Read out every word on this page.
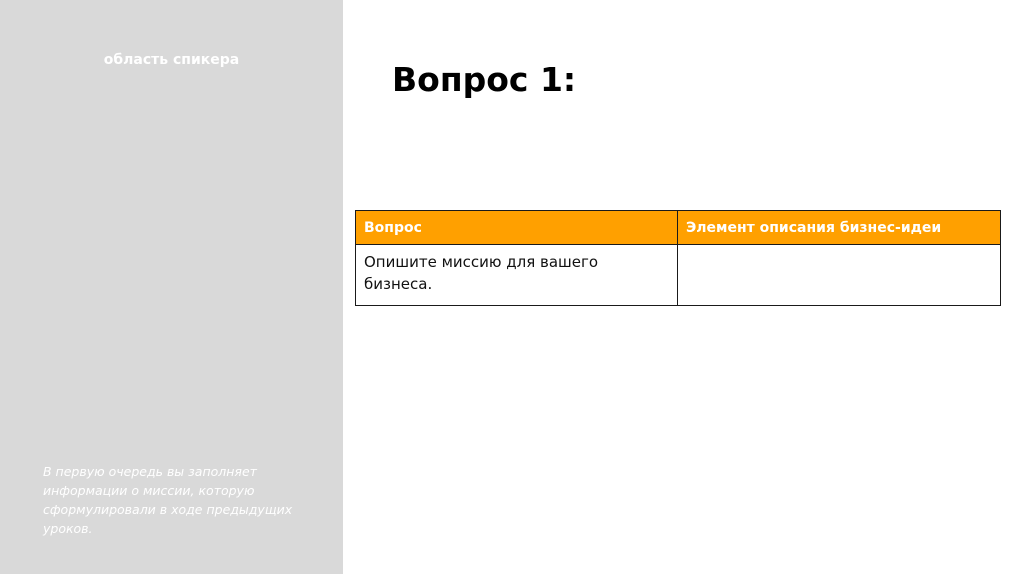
область спикера
В первую очередь вы заполняет информации о миссии, которую сформулировали в ходе предыдущих уроков.
Вопрос 1:
Вопрос	Элемент описания бизнес-идеи
Опишите миссию для вашего бизнеса.	
